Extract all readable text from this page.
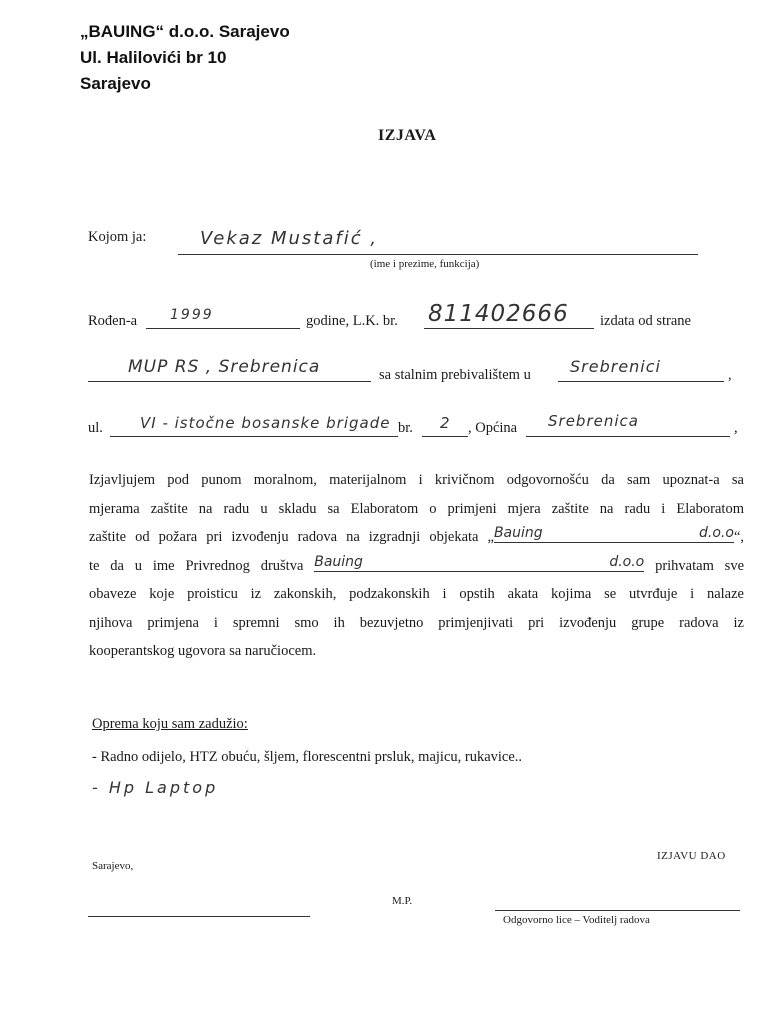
„BAUING“ d.o.o. Sarajevo
Ul. Halilovići br 10
Sarajevo
IZJAVA
Kojom ja:	Vekaz Mustafić ,
(ime i prezime, funkcija)
Rođen-a 1999	godine, L.K. br. 811402666 izdata od strane
MUP RS , Srebrenica	sa stalnim prebivalištem u Srebrenici	,
ul. VI - istočne bosanske brigade br. 2 , Općina Srebrenica	,
Izjavljujem pod punom moralnom, materijalnom i krivičnom odgovornošću da sam upoznat-a sa
mjerama zaštite na radu u skladu sa Elaboratom o primjeni mjera zaštite na radu i Elaboratom
zaštite od požara pri izvođenju radova na izgradnji objekata „ Bauing d.o.o “,
te da u ime Privrednog društva Bauing d.o.o prihvatam sve
obaveze koje proisticu iz zakonskih, podzakonskih i opstih akata kojima se utvrđuje i nalaze
njihova primjena i spremni smo ih bezuvjetno primjenjivati pri izvođenju grupe radova iz
kooperantskog ugovora sa naručiocem.
Oprema koju sam zadužio:
- Radno odijelo, HTZ obuću, šljem, florescentni prsluk, majicu, rukavice..
- Hp Laptop
Sarajevo,
IZJAVU DAO
M.P.
Odgovorno lice – Voditelj radova
